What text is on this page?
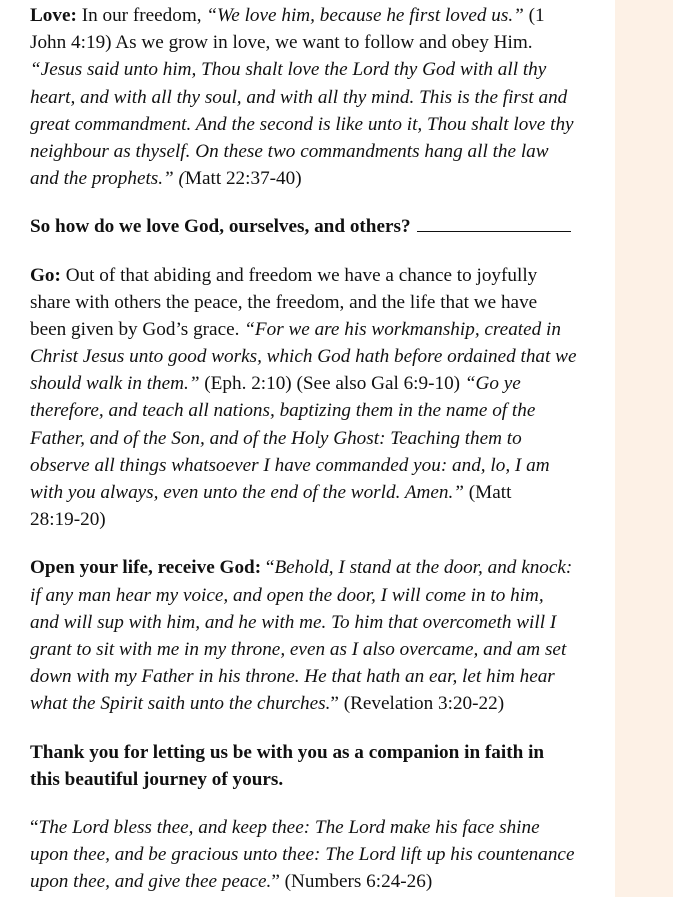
Love: In our freedom, “We love him, because he first loved us.” (1
John 4:19) As we grow in love, we want to follow and obey Him.
“Jesus said unto him, Thou shalt love the Lord thy God with all thy
heart, and with all thy soul, and with all thy mind. This is the first and
great commandment. And the second is like unto it, Thou shalt love thy
neighbour as thyself. On these two commandments hang all the law
and the prophets.” (Matt 22:37-40)

So how do we love God, ourselves, and others?

Go: Out of that abiding and freedom we have a chance to joyfully
share with others the peace, the freedom, and the life that we have
been given by God’s grace. “For we are his workmanship, created in
Christ Jesus unto good works, which God hath before ordained that we
should walk in them.” (Eph. 2:10) (See also Gal 6:9-10) “Go ye
therefore, and teach all nations, baptizing them in the name of the
Father, and of the Son, and of the Holy Ghost: Teaching them to
observe all things whatsoever I have commanded you: and, lo, I am
with you always, even unto the end of the world. Amen.” (Matt
28:19-20)

Open your life, receive God: “Behold, I stand at the door, and knock:
if any man hear my voice, and open the door, I will come in to him,
and will sup with him, and he with me. To him that overcometh will I
grant to sit with me in my throne, even as I also overcame, and am set
down with my Father in his throne. He that hath an ear, let him hear
what the Spirit saith unto the churches.” (Revelation 3:20-22)

Thank you for letting us be with you as a companion in faith in
this beautiful journey of yours.

“The Lord bless thee, and keep thee: The Lord make his face shine
upon thee, and be gracious unto thee: The Lord lift up his countenance
upon thee, and give thee peace.” (Numbers 6:24-26)
